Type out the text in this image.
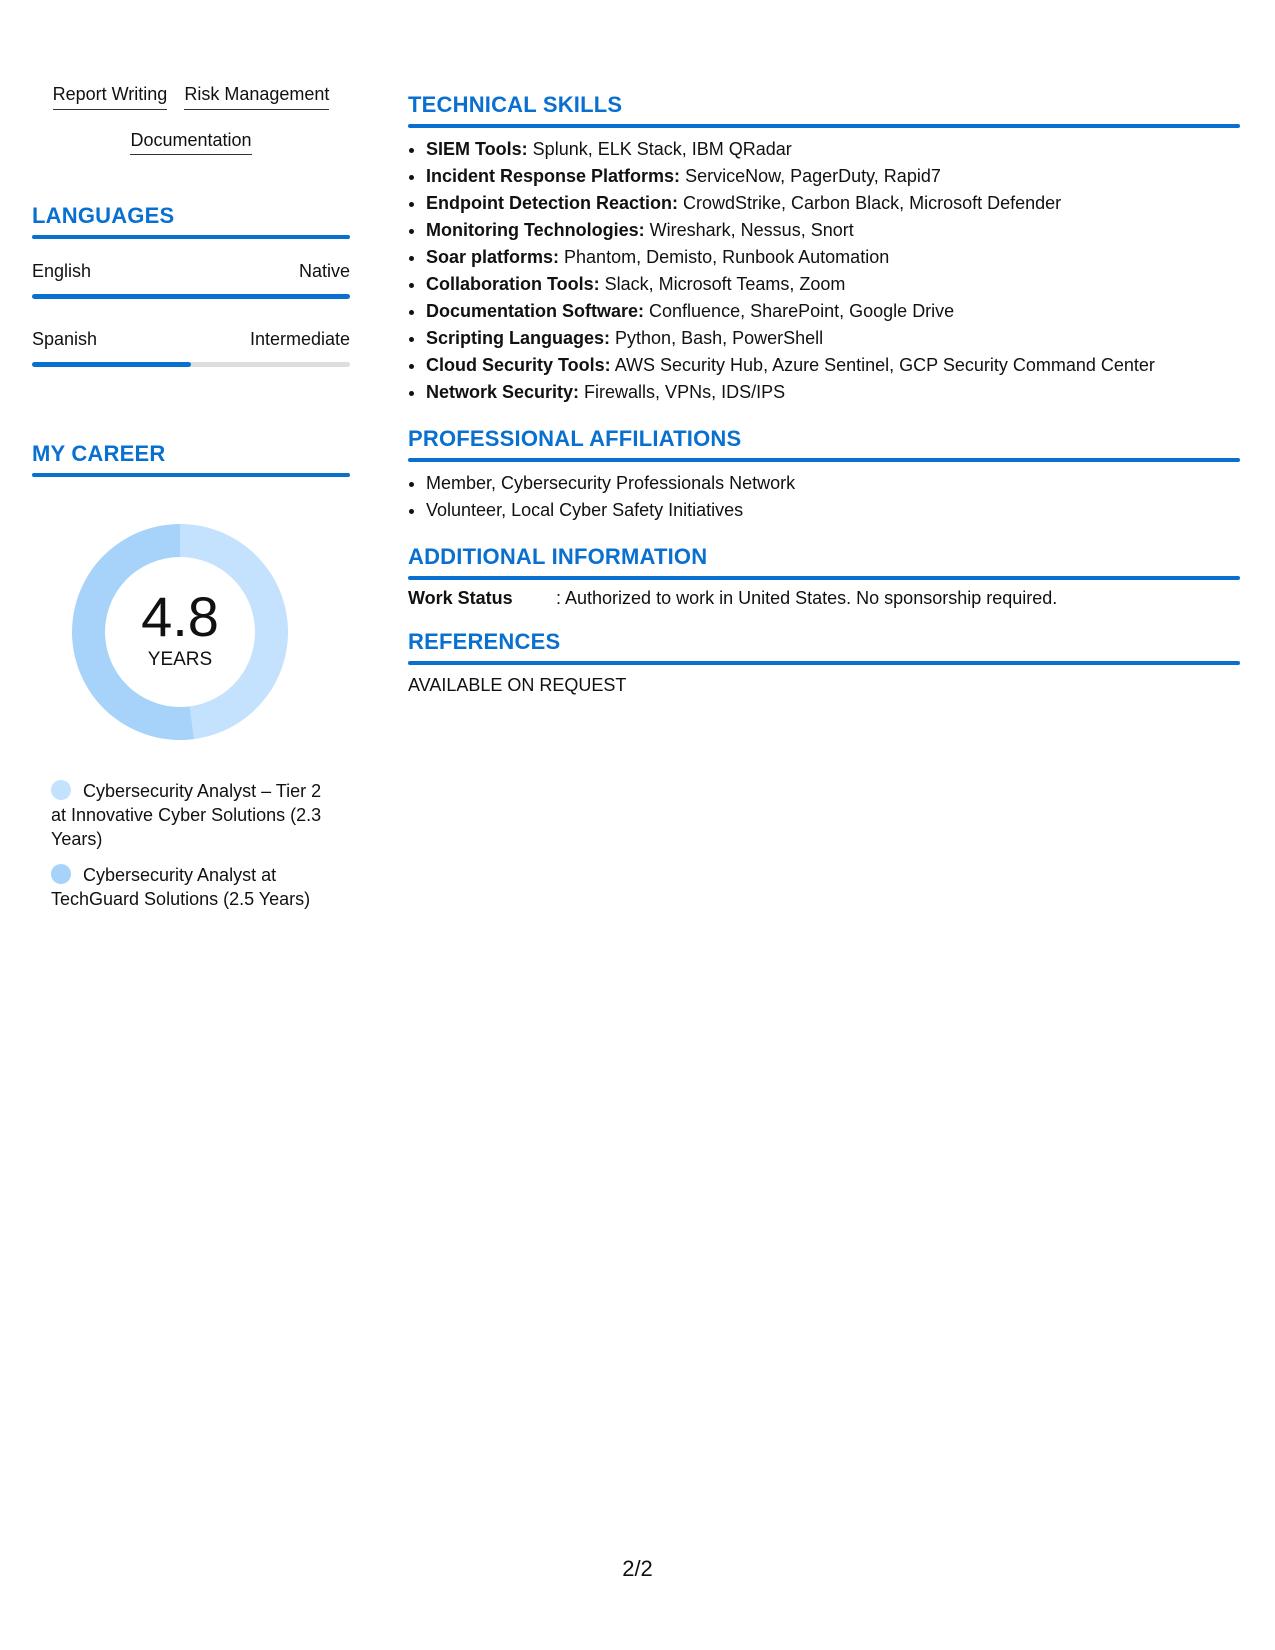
Report Writing Risk Management
Documentation
LANGUAGES
English	Native
Spanish	Intermediate
MY CAREER
4.8
YEARS
Cybersecurity Analyst – Tier 2 at Innovative Cyber Solutions (2.3 Years)
Cybersecurity Analyst at TechGuard Solutions (2.5 Years)
TECHNICAL SKILLS
• SIEM Tools: Splunk, ELK Stack, IBM QRadar
• Incident Response Platforms: ServiceNow, PagerDuty, Rapid7
• Endpoint Detection Reaction: CrowdStrike, Carbon Black, Microsoft Defender
• Monitoring Technologies: Wireshark, Nessus, Snort
• Soar platforms: Phantom, Demisto, Runbook Automation
• Collaboration Tools: Slack, Microsoft Teams, Zoom
• Documentation Software: Confluence, SharePoint, Google Drive
• Scripting Languages: Python, Bash, PowerShell
• Cloud Security Tools: AWS Security Hub, Azure Sentinel, GCP Security Command Center
• Network Security: Firewalls, VPNs, IDS/IPS
PROFESSIONAL AFFILIATIONS
• Member, Cybersecurity Professionals Network
• Volunteer, Local Cyber Safety Initiatives
ADDITIONAL INFORMATION
Work Status	: Authorized to work in United States. No sponsorship required.
REFERENCES
AVAILABLE ON REQUEST
2/2
